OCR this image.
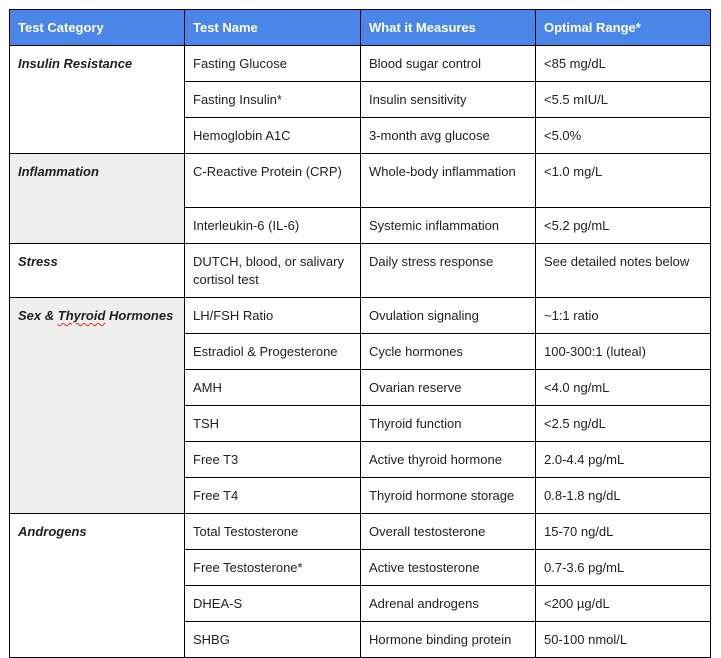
Test Category	Test Name	What it Measures	Optimal Range*
Insulin Resistance	Fasting Glucose	Blood sugar control	<85 mg/dL
	Fasting Insulin*	Insulin sensitivity	<5.5 mIU/L
	Hemoglobin A1C	3-month avg glucose	<5.0%
Inflammation	C-Reactive Protein (CRP)	Whole-body inflammation	<1.0 mg/L
	Interleukin-6 (IL-6)	Systemic inflammation	<5.2 pg/mL
Stress	DUTCH, blood, or salivary cortisol test	Daily stress response	See detailed notes below
Sex & Thyroid Hormones	LH/FSH Ratio	Ovulation signaling	~1:1 ratio
	Estradiol & Progesterone	Cycle hormones	100-300:1 (luteal)
	AMH	Ovarian reserve	<4.0 ng/mL
	TSH	Thyroid function	<2.5 ng/dL
	Free T3	Active thyroid hormone	2.0-4.4 pg/mL
	Free T4	Thyroid hormone storage	0.8-1.8 ng/dL
Androgens	Total Testosterone	Overall testosterone	15-70 ng/dL
	Free Testosterone*	Active testosterone	0.7-3.6 pg/mL
	DHEA-S	Adrenal androgens	<200 µg/dL
	SHBG	Hormone binding protein	50-100 nmol/L
